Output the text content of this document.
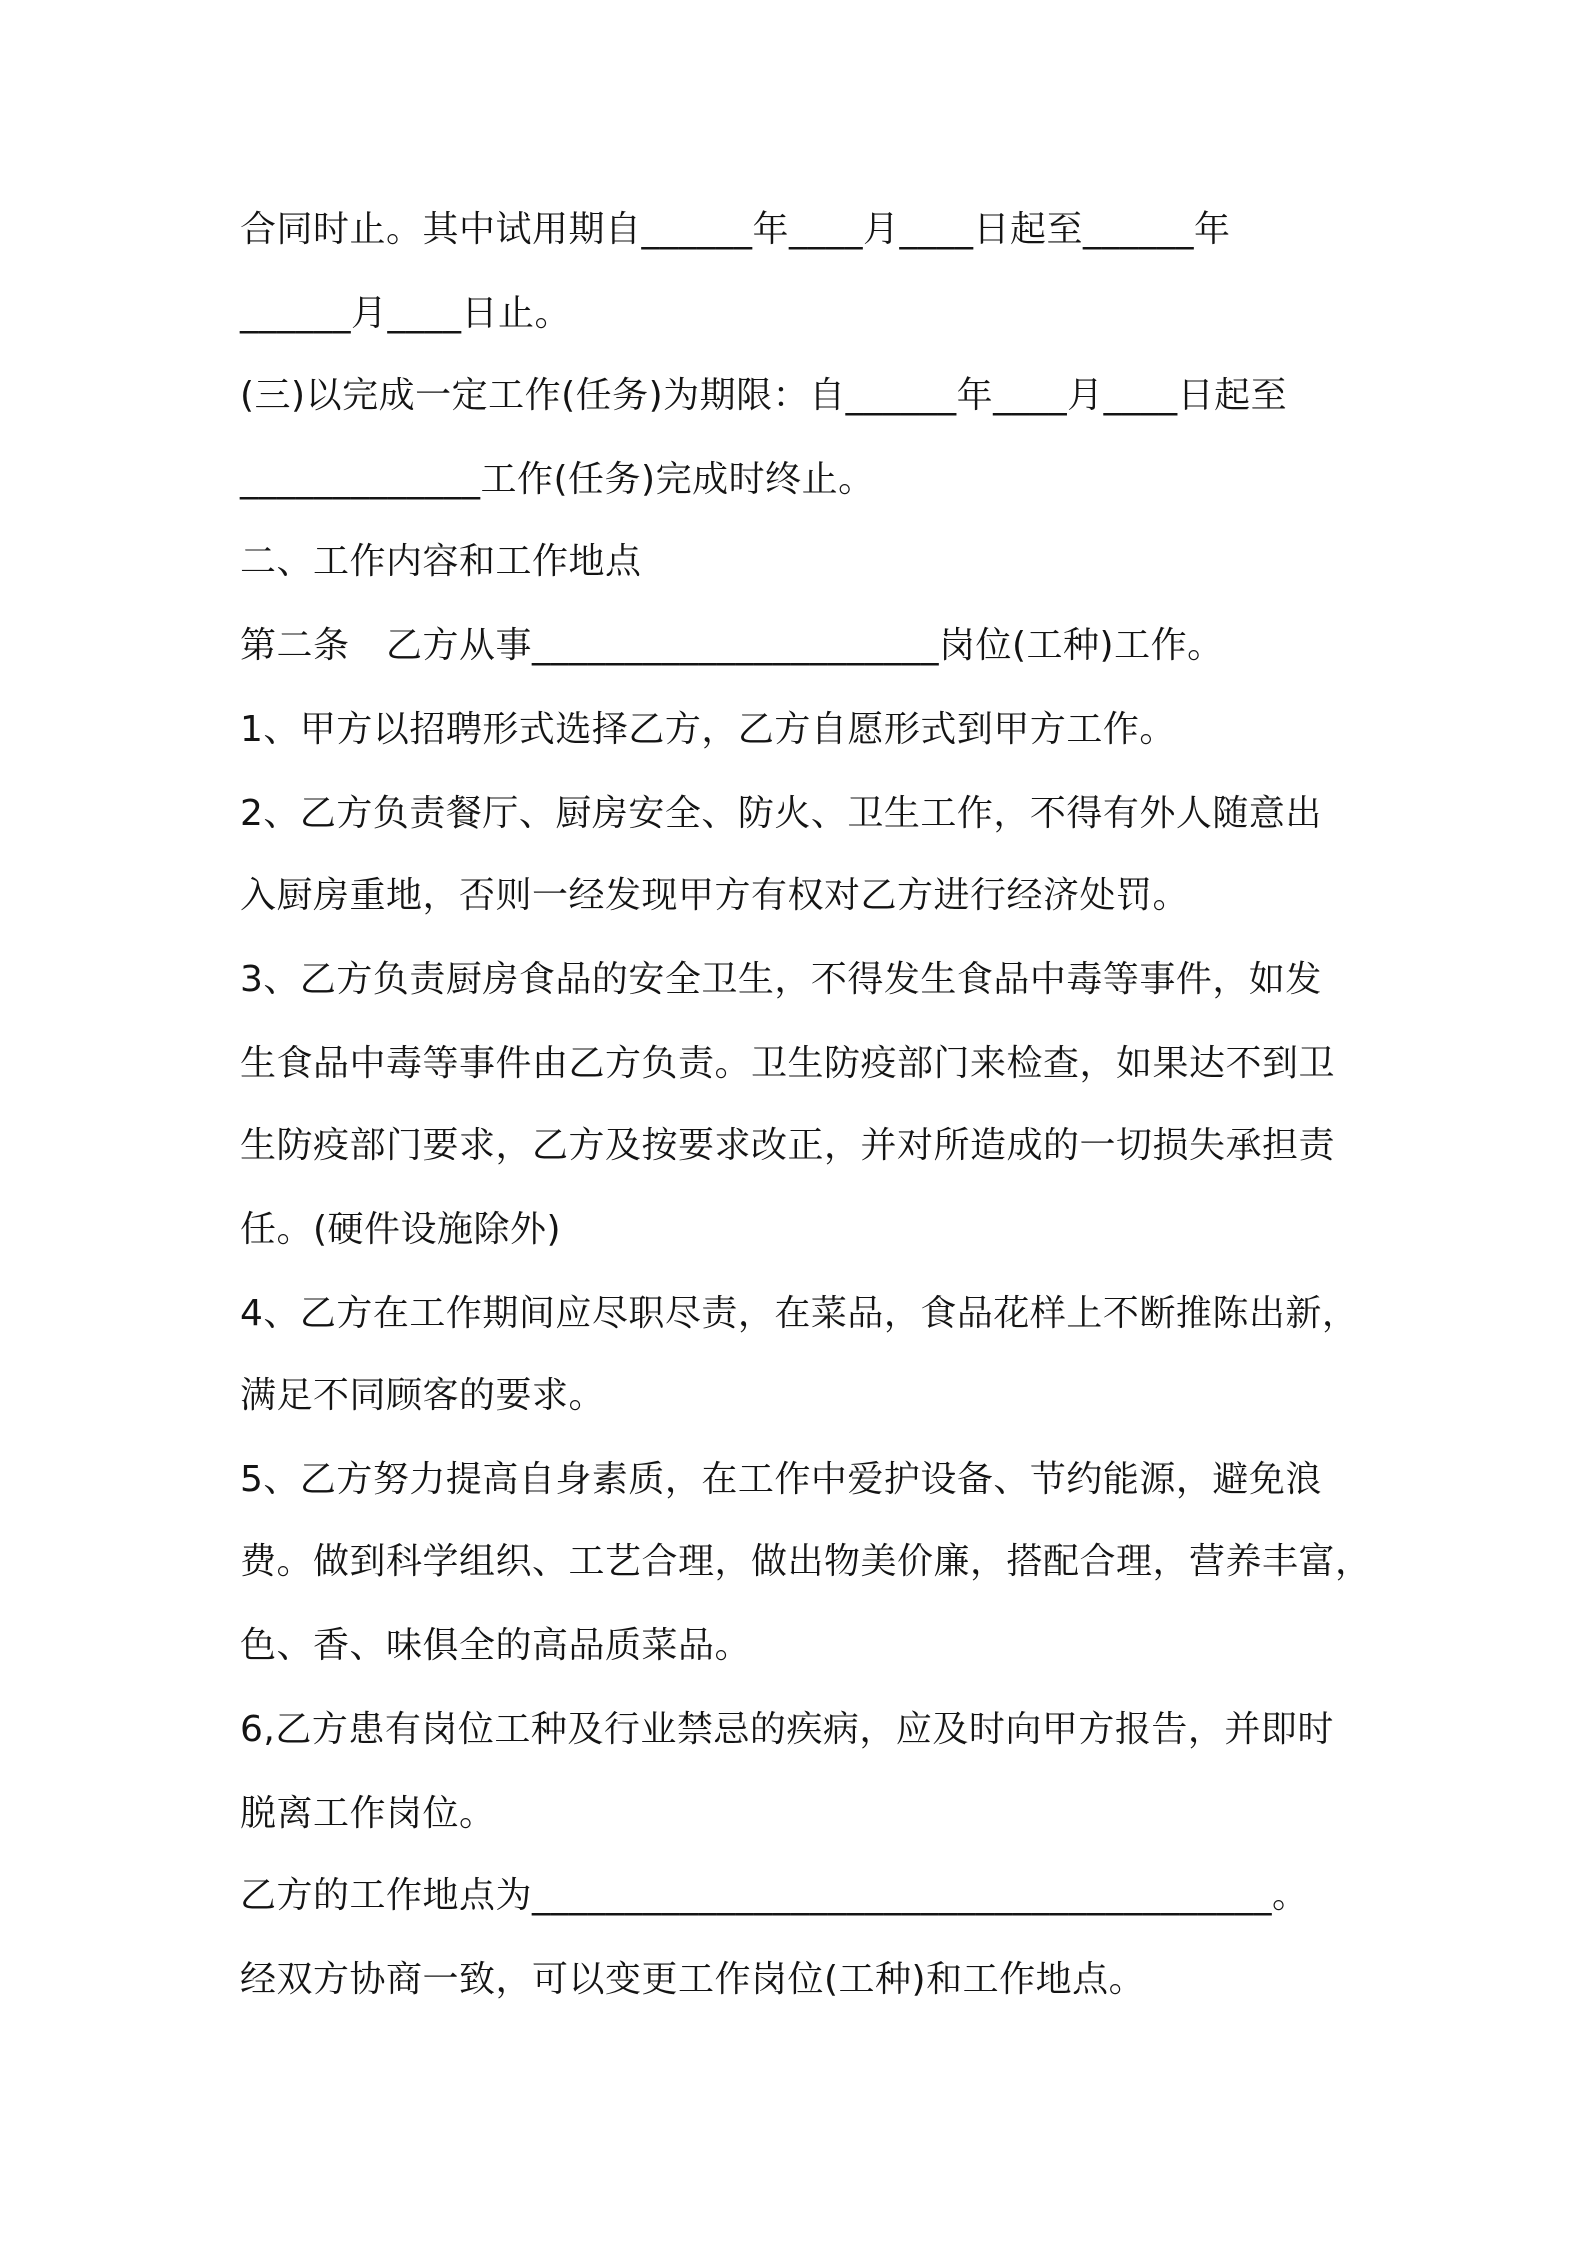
合同时止。其中试用期自______年____月____日起至______年

______月____日止。

(三)以完成一定工作(任务)为期限：自______年____月____日起至

_____________工作(任务)完成时终止。

二、工作内容和工作地点

第二条　乙方从事______________________岗位(工种)工作。

1、甲方以招聘形式选择乙方，乙方自愿形式到甲方工作。

2、乙方负责餐厅、厨房安全、防火、卫生工作，不得有外人随意出

入厨房重地，否则一经发现甲方有权对乙方进行经济处罚。

3、乙方负责厨房食品的安全卫生，不得发生食品中毒等事件，如发

生食品中毒等事件由乙方负责。卫生防疫部门来检查，如果达不到卫

生防疫部门要求，乙方及按要求改正，并对所造成的一切损失承担责

任。(硬件设施除外)

4、乙方在工作期间应尽职尽责，在菜品，食品花样上不断推陈出新，

满足不同顾客的要求。

5、乙方努力提高自身素质，在工作中爱护设备、节约能源，避免浪

费。做到科学组织、工艺合理，做出物美价廉，搭配合理，营养丰富，

色、香、味俱全的高品质菜品。

6,乙方患有岗位工种及行业禁忌的疾病，应及时向甲方报告，并即时

脱离工作岗位。

乙方的工作地点为________________________________________。

经双方协商一致，可以变更工作岗位(工种)和工作地点。
